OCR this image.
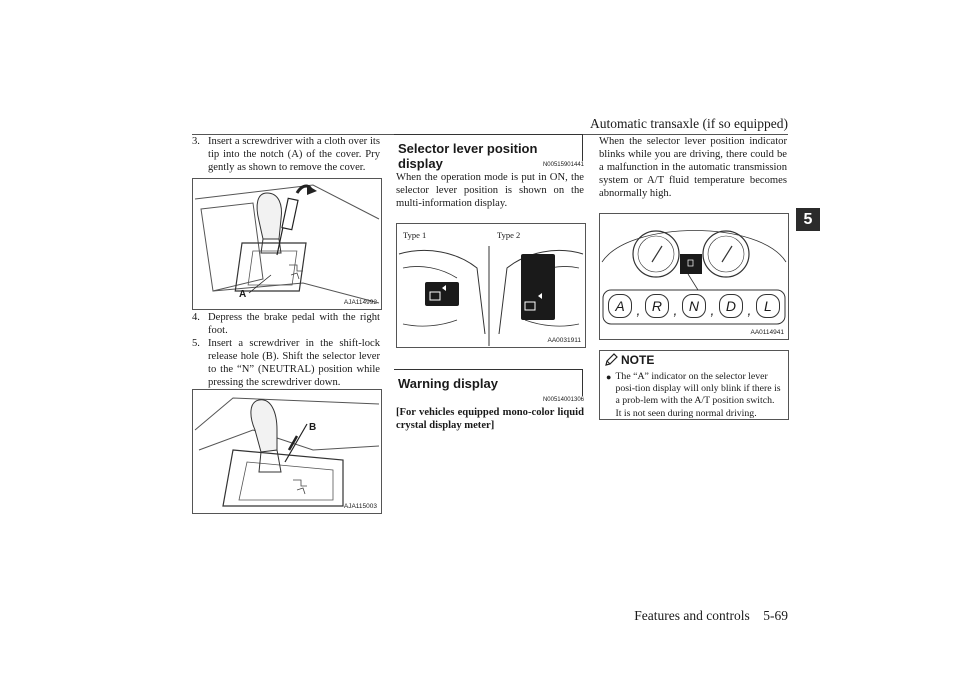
Automatic transaxle (if so equipped)
5
3. Insert a screwdriver with a cloth over its tip into the notch (A) of the cover. Pry gently as shown to remove the cover.
A
AJA114992
4. Depress the brake pedal with the right foot.
5. Insert a screwdriver in the shift-lock release hole (B). Shift the selector lever to the “N” (NEUTRAL) position while pressing the screwdriver down.
B
AJA115003
Selector lever position display	N00515901441
When the operation mode is put in ON, the selector lever position is shown on the multi-information display.
Type 1	Type 2
AA0031911
Warning display
N00514001306
[For vehicles equipped mono-color liquid crystal display meter]
When the selector lever position indicator blinks while you are driving, there could be a malfunction in the automatic transmission system or A/T fluid temperature becomes abnormally high.
A , R , N , D , L
AA0114941
NOTE
● The “A” indicator on the selector lever posi-tion display will only blink if there is a prob-lem with the A/T position switch.
It is not seen during normal driving.
Features and controls    5-69
